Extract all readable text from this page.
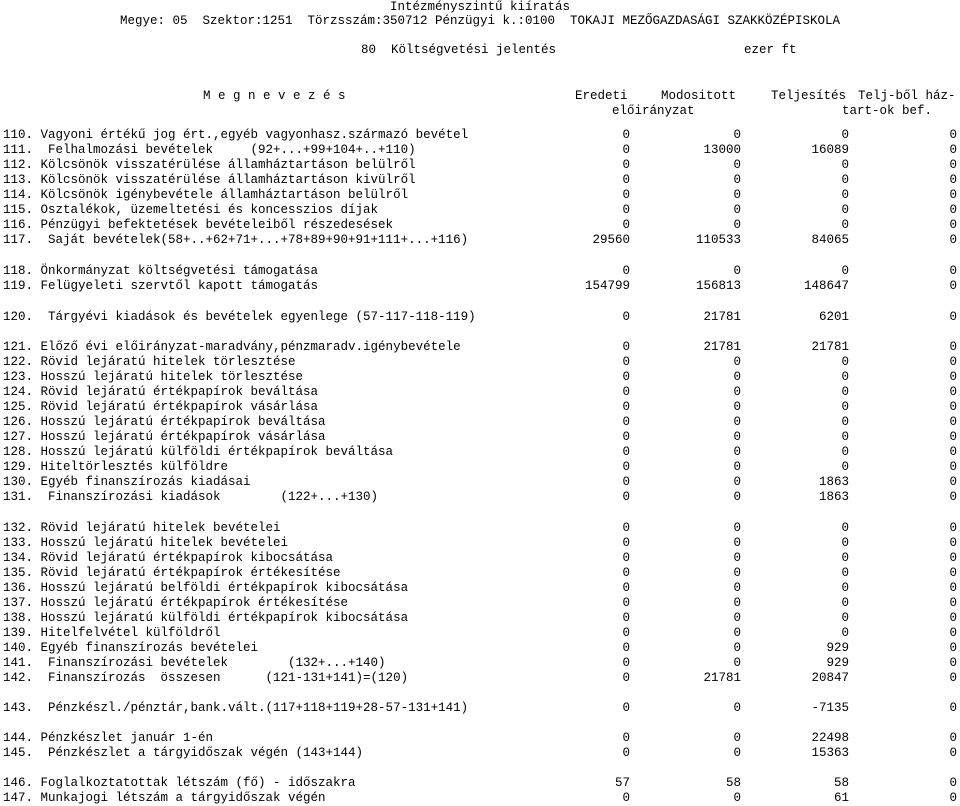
Intézményszintű kiíratás
Megye: 05  Szektor:1251  Törzsszám:350712 Pénzügyi k.:0100  TOKAJI MEZŐGAZDASÁGI SZAKKÖZÉPISKOLA
80  Költségvetési jelentés	ezer ft
M e g n e v e z é s	Eredeti
előirányzat
Modositott	Teljesítés Telj-ből ház-
tart-ok bef.
110. Vagyoni értékű jog ért.,egyéb vagyonhasz.származó bevétel	0	0	0	0
111.  Felhalmozási bevételek     (92+...+99+104+..+110)	0	13000	16089	0
112. Kölcsönök visszatérülése államháztartáson belülről	0	0	0	0
113. Kölcsönök visszatérülése államháztartáson kivülről	0	0	0	0
114. Kölcsönök igénybevétele államháztartáson belülről	0	0	0	0
115. Osztalékok, üzemeltetési és koncesszios díjak	0	0	0	0
116. Pénzügyi befektetések bevételeiből részedesések	0	0	0	0
117.  Saját bevételek(58+..+62+71+...+78+89+90+91+111+...+116)	29560	110533	84065	0
118. Önkormányzat költségvetési támogatása	0	0	0	0
119. Felügyeleti szervtől kapott támogatás	154799	156813	148647	0
120.  Tárgyévi kiadások és bevételek egyenlege (57-117-118-119)	0	21781	6201	0
121. Előző évi előirányzat-maradvány,pénzmaradv.igénybevétele	0	21781	21781	0
122. Rövid lejáratú hitelek törlesztése	0	0	0	0
123. Hosszú lejáratú hitelek törlesztése	0	0	0	0
124. Rövid lejáratú értékpapírok beváltása	0	0	0	0
125. Rövid lejáratú értékpapírok vásárlása	0	0	0	0
126. Hosszú lejáratú értékpapírok beváltása	0	0	0	0
127. Hosszú lejáratú értékpapírok vásárlása	0	0	0	0
128. Hosszú lejáratú külföldi értékpapírok beváltása	0	0	0	0
129. Hiteltörlesztés külföldre	0	0	0	0
130. Egyéb finanszírozás kiadásai	0	0	1863	0
131.  Finanszírozási kiadások        (122+...+130)	0	0	1863	0
132. Rövid lejáratú hitelek bevételei	0	0	0	0
133. Hosszú lejáratú hitelek bevételei	0	0	0	0
134. Rövid lejáratú értékpapírok kibocsátása	0	0	0	0
135. Rövid lejáratú értékpapírok értékesítése	0	0	0	0
136. Hosszú lejáratú belföldi értékpapírok kibocsátása	0	0	0	0
137. Hosszú lejáratú értékpapírok értékesítése	0	0	0	0
138. Hosszú lejáratú külföldi értékpapírok kibocsátása	0	0	0	0
139. Hitelfelvétel külföldről	0	0	0	0
140. Egyéb finanszírozás bevételei	0	0	929	0
141.  Finanszírozási bevételek        (132+...+140)	0	0	929	0
142.  Finanszírozás  összesen      (121-131+141)=(120)	0	21781	20847	0
143.  Pénzkészl./pénztár,bank.vált.(117+118+119+28-57-131+141)	0	0	-7135	0
144. Pénzkészlet január 1-én	0	0	22498	0
145.  Pénzkészlet a tárgyidőszak végén (143+144)	0	0	15363	0
146. Foglalkoztatottak létszám (fő) - időszakra	57	58	58	0
147. Munkajogi létszám a tárgyidőszak végén	0	0	61	0
